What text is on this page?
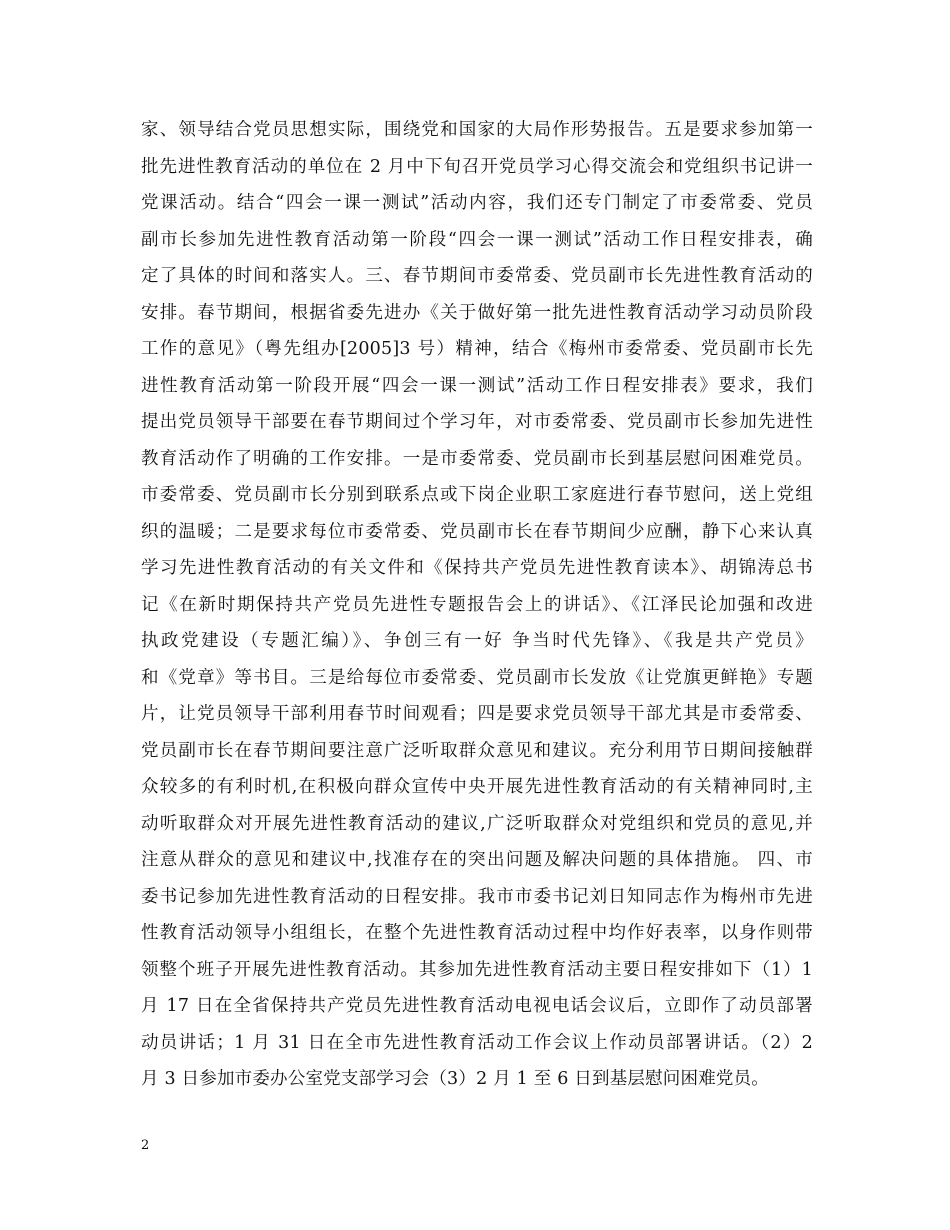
家、领导结合党员思想实际，围绕党和国家的大局作形势报告。五是要求参加第一
批先进性教育活动的单位在 2 月中下旬召开党员学习心得交流会和党组织书记讲一
党课活动。结合“四会一课一测试”活动内容，我们还专门制定了市委常委、党员
副市长参加先进性教育活动第一阶段“四会一课一测试”活动工作日程安排表，确
定了具体的时间和落实人。三、春节期间市委常委、党员副市长先进性教育活动的
安排。春节期间，根据省委先进办《关于做好第一批先进性教育活动学习动员阶段
工作的意见》（粤先组办[2005]3 号）精神，结合《梅州市委常委、党员副市长先
进性教育活动第一阶段开展“四会一课一测试”活动工作日程安排表》要求，我们
提出党员领导干部要在春节期间过个学习年，对市委常委、党员副市长参加先进性
教育活动作了明确的工作安排。一是市委常委、党员副市长到基层慰问困难党员。
市委常委、党员副市长分别到联系点或下岗企业职工家庭进行春节慰问，送上党组
织的温暖；二是要求每位市委常委、党员副市长在春节期间少应酬，静下心来认真
学习先进性教育活动的有关文件和《保持共产党员先进性教育读本》、胡锦涛总书
记《在新时期保持共产党员先进性专题报告会上的讲话》、《江泽民论加强和改进
执政党建设（专题汇编）》、争创三有一好 争当时代先锋》、《我是共产党员》
和《党章》等书目。三是给每位市委常委、党员副市长发放《让党旗更鲜艳》专题
片，让党员领导干部利用春节时间观看；四是要求党员领导干部尤其是市委常委、
党员副市长在春节期间要注意广泛听取群众意见和建议。充分利用节日期间接触群
众较多的有利时机,在积极向群众宣传中央开展先进性教育活动的有关精神同时,主
动听取群众对开展先进性教育活动的建议,广泛听取群众对党组织和党员的意见,并
注意从群众的意见和建议中,找准存在的突出问题及解决问题的具体措施。 四、市
委书记参加先进性教育活动的日程安排。我市市委书记刘日知同志作为梅州市先进
性教育活动领导小组组长，在整个先进性教育活动过程中均作好表率，以身作则带
领整个班子开展先进性教育活动。其参加先进性教育活动主要日程安排如下（1）1
月 17 日在全省保持共产党员先进性教育活动电视电话会议后，立即作了动员部署
动员讲话；1 月 31 日在全市先进性教育活动工作会议上作动员部署讲话。（2）2
月 3 日参加市委办公室党支部学习会（3）2 月 1 至 6 日到基层慰问困难党员。
2
